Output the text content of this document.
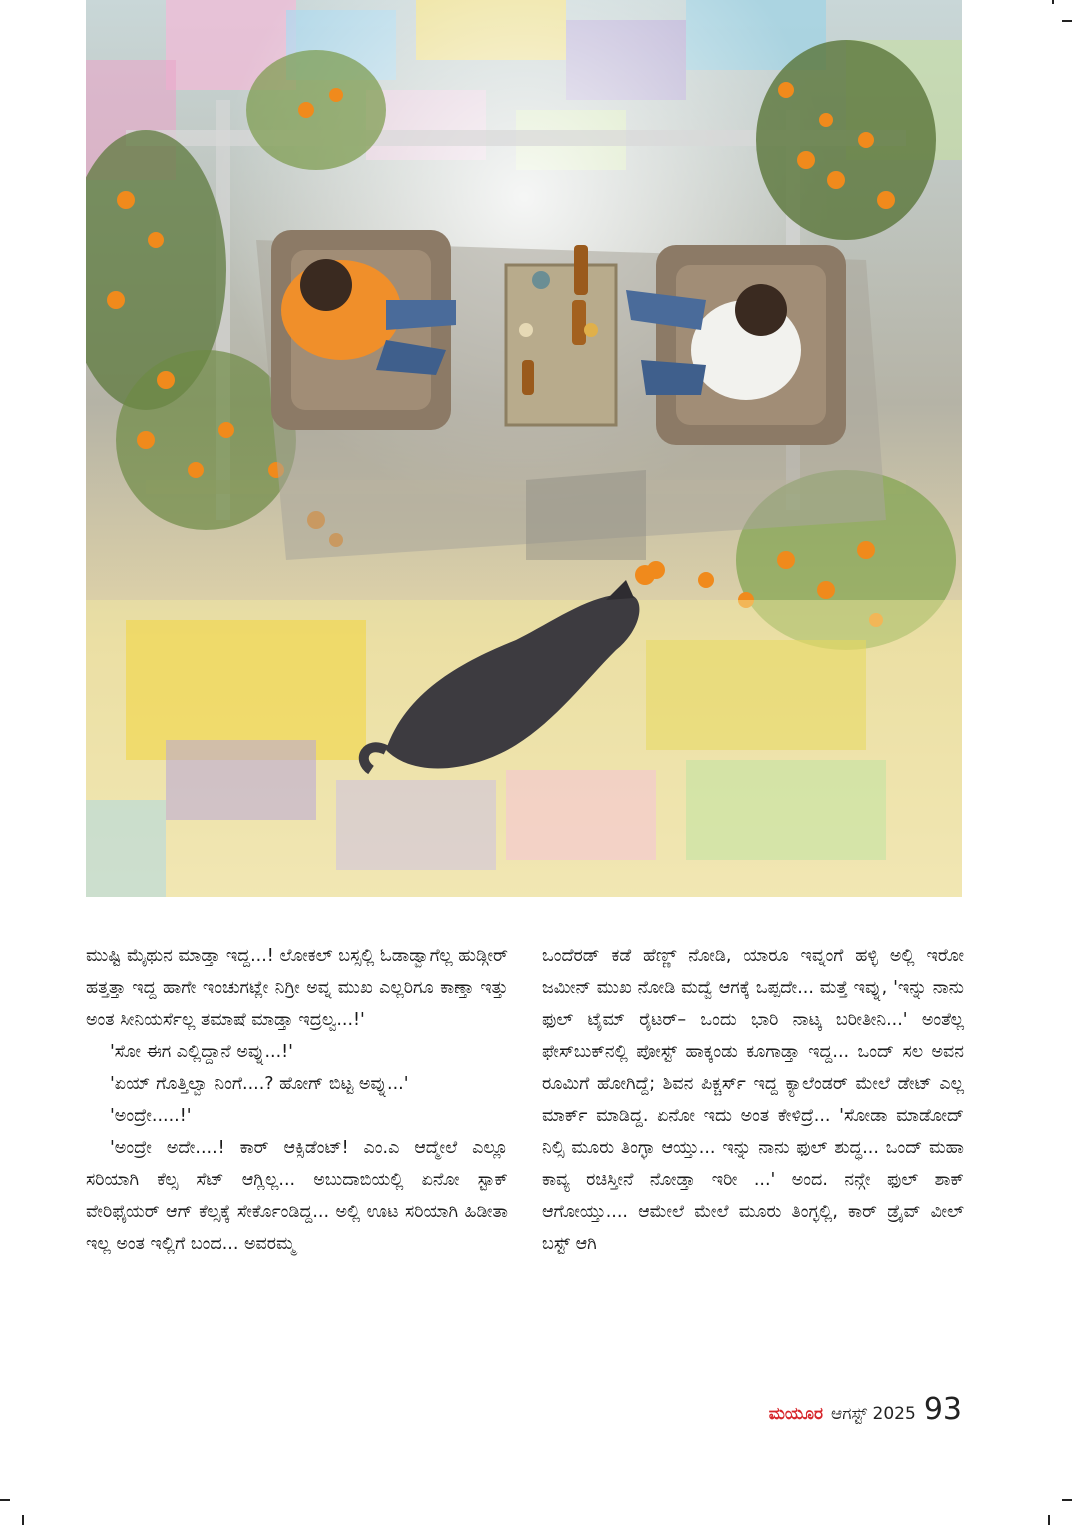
ಮುಷ್ಟಿ ಮೈಥುನ ಮಾಡ್ತಾ ಇದ್ದ...! ಲೋಕಲ್ ಬಸ್ಸಲ್ಲಿ ಓಡಾಡ್ವಾಗೆಲ್ಲ ಹುಡ್ಗೀರ್ ಹತ್ತತ್ತಾ ಇದ್ದ ಹಾಗೇ ಇಂಚುಗಟ್ಲೇ ನಿಗ್ರೀ ಅವ್ನ ಮುಖ ಎಲ್ಲರಿಗೂ ಕಾಣ್ತಾ ಇತ್ತು ಅಂತ ಸೀನಿಯರ್ಸೆಲ್ಲ ತಮಾಷೆ ಮಾಡ್ತಾ ಇದ್ರಲ್ವ...!'

'ಸೋ ಈಗ ಎಲ್ಲಿದ್ದಾನೆ ಅವ್ನು...!'

'ಏಯ್ ಗೊತ್ತಿಲ್ವಾ ನಿಂಗೆ....? ಹೋಗ್ ಬಿಟ್ಟ ಅವ್ನು...'

'ಅಂದ್ರೇ.....!'

'ಅಂದ್ರೇ ಅದೇ....! ಕಾರ್ ಆಕ್ಸಿಡೆಂಟ್! ಎಂ.ಎ ಆದ್ಮೇಲೆ ಎಲ್ಲೂ ಸರಿಯಾಗಿ ಕೆಲ್ಸ ಸೆಟ್ ಆಗ್ಲಿಲ್ಲ... ಅಬುದಾಬಿಯಲ್ಲಿ ಏನೋ ಸ್ಟಾಕ್ ವೇರಿಫೈಯರ್ ಆಗ್ ಕೆಲ್ಸಕ್ಕೆ ಸೇರ್ಕೊಂಡಿದ್ದ... ಅಲ್ಲಿ ಊಟ ಸರಿಯಾಗಿ ಹಿಡೀತಾ ಇಲ್ಲ ಅಂತ ಇಲ್ಲಿಗೆ ಬಂದ... ಅವರಮ್ಮ

ಒಂದೆರಡ್ ಕಡೆ ಹೆಣ್ಣ್ ನೋಡಿ, ಯಾರೂ ಇವ್ನಂಗೆ ಹಳ್ಳಿ ಅಲ್ಲಿ ಇರೋ ಜಮೀನ್ ಮುಖ ನೋಡಿ ಮದ್ವೆ ಆಗಕ್ಕೆ ಒಪ್ಪದೇ... ಮತ್ತೆ ಇವ್ನು, 'ಇನ್ನು ನಾನು ಫುಲ್ ಟೈಮ್ ರೈಟರ್– ಒಂದು ಭಾರಿ ನಾಟ್ಕ ಬರೀತೀನಿ...' ಅಂತೆಲ್ಲ ಫೇಸ್‌ಬುಕ್‌ನಲ್ಲಿ ಪೋಸ್ಟ್ ಹಾಕ್ಕಂಡು ಕೂಗಾಡ್ತಾ ಇದ್ದ... ಒಂದ್ ಸಲ ಅವನ ರೂಮಿಗೆ ಹೋಗಿದ್ದೆ; ಶಿವನ ಪಿಕ್ಚರ್ಸ್ ಇದ್ದ ಕ್ಯಾಲೆಂಡರ್ ಮೇಲೆ ಡೇಟ್ ಎಲ್ಲ ಮಾರ್ಕ್ ಮಾಡಿದ್ದ. ಏನೋ ಇದು ಅಂತ ಕೇಳಿದ್ರೆ... 'ಸೋಡಾ ಮಾಡೋದ್ ನಿಲ್ಸಿ ಮೂರು ತಿಂಗ್ಳಾ ಆಯ್ತು... ಇನ್ನು ನಾನು ಫುಲ್ ಶುದ್ಧ... ಒಂದ್ ಮಹಾ ಕಾವ್ಯ ರಚಿಸ್ತೀನೆ ನೋಡ್ತಾ ಇರೀ ...' ಅಂದ. ನನ್ಗೇ ಫುಲ್ ಶಾಕ್ ಆಗೋಯ್ತು.... ಆಮೇಲೆ ಮೇಲೆ ಮೂರು ತಿಂಗ್ಳಲ್ಲಿ, ಕಾರ್ ಡ್ರೈವ್ ವೀಲ್ ಬಸ್ಟ್ ಆಗಿ

ಮಯೂರ ಆಗಸ್ಟ್ 2025 93
